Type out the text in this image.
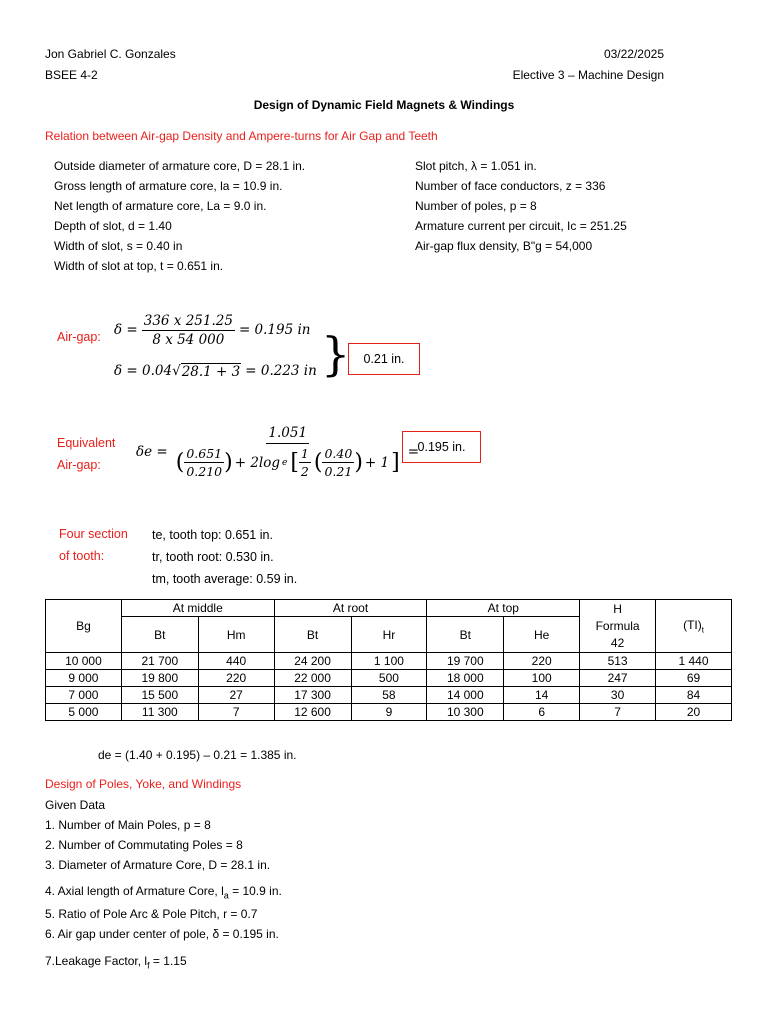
Jon Gabriel C. Gonzales	03/22/2025
BSEE 4-2	Elective 3 – Machine Design
Design of Dynamic Field Magnets & Windings
Relation between Air-gap Density and Ampere-turns for Air Gap and Teeth
Outside diameter of armature core, D = 28.1 in.
Gross length of armature core, la = 10.9 in.
Net length of armature core, La = 9.0 in.
Depth of slot, d = 1.40
Width of slot, s = 0.40 in
Width of slot at top, t = 0.651 in.
Slot pitch, λ = 1.051 in.
Number of face conductors, z = 336
Number of poles, p = 8
Armature current per circuit, Ic = 251.25
Air-gap flux density, B"g = 54,000
Air-gap: $\delta = \frac{336 x 251.25}{8 x 54 000} = 0.195$ in
δ = 0.04 √ 28.1 + 3 = 0.223 in }	0.21 in.
Equivalent
Air-gap:
δe =
1.051
( $\frac{0.651}{0.210}$ ) + 2log e [ $\frac{1}{2}$ ( $\frac{0.40}{0.21}$ ) + 1 ] =
0.195 in.
Four section
of tooth:
te, tooth top: 0.651 in.
tr, tooth root: 0.530 in.
tm, tooth average: 0.59 in.
Bg	At middle		At root		At top		H
Formula
42	$(TI)_t$
	Bt	Hm	Bt	Hr	Bt	He		
10 000	21 700	440	24 200	1 100	19 700	220	513	1 440
9 000	19 800	220	22 000	500	18 000	100	247	69
7 000	15 500	27	17 300	58	14 000	14	30	84
5 000	11 300	7	12 600	9	10 300	6	7	20
de = (1.40 + 0.195) – 0.21 = 1.385 in.
Design of Poles, Yoke, and Windings
Given Data
1. Number of Main Poles, p = 8
2. Number of Commutating Poles = 8
3. Diameter of Armature Core, D = 28.1 in.
4. Axial length of Armature Core, $l_a = 10.9$ in.
5. Ratio of Pole Arc & Pole Pitch, r = 0.7
6. Air gap under center of pole, δ = 0.195 in.
7.Leakage Factor, $l_f = 1.15$
